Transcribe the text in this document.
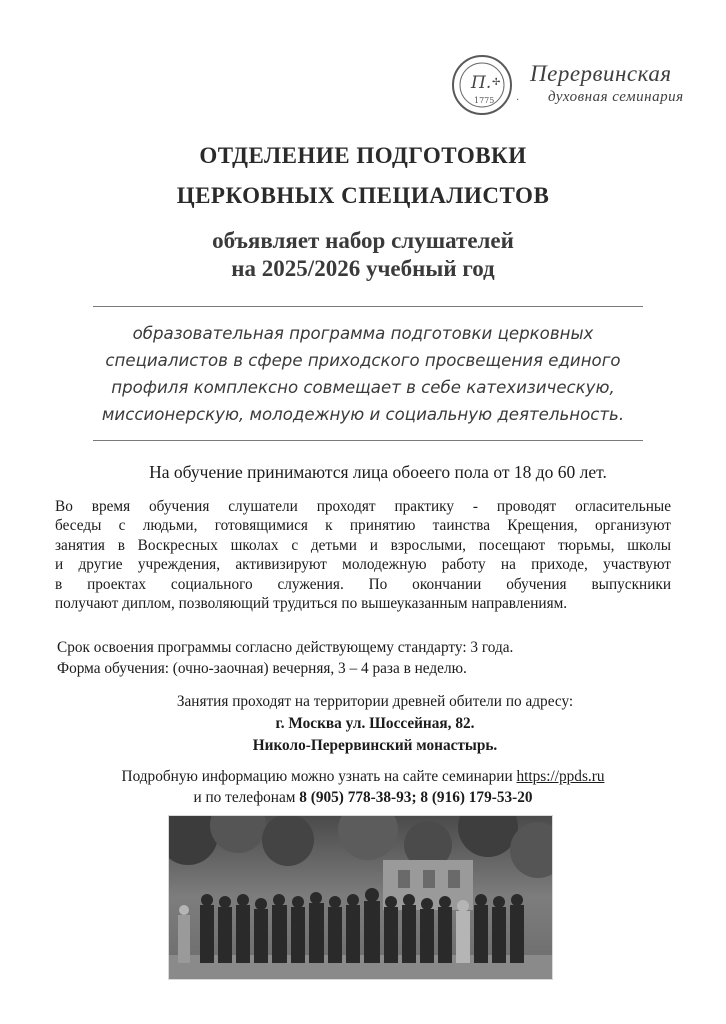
П. ✢
1775 ·
Перервинская
духовная семинария
ОТДЕЛЕНИЕ ПОДГОТОВКИ
ЦЕРКОВНЫХ СПЕЦИАЛИСТОВ
объявляет набор слушателей
на 2025/2026 учебный год
образовательная программа подготовки церковных
специалистов в сфере приходского просвещения единого
профиля комплексно совмещает в себе катехизическую,
миссионерскую, молодежную и социальную деятельность.
На обучение принимаются лица обоеего пола от 18 до 60 лет.
Во время обучения слушатели проходят практику - проводят огласительные
беседы с людьми, готовящимися к принятию таинства Крещения, организуют
занятия в Воскресных школах с детьми и взрослыми, посещают тюрьмы, школы
и другие учреждения, активизируют молодежную работу на приходе, участвуют
в проектах социального служения. По окончании обучения выпускники
получают диплом, позволяющий трудиться по вышеуказанным направлениям.
Срок освоения программы согласно действующему стандарту: 3 года.
Форма обучения: (очно-заочная) вечерняя, 3 – 4 раза в неделю.
Занятия проходят на территории древней обители по адресу:
г. Москва ул. Шоссейная, 82.
Николо-Перервинский монастырь.
Подробную информацию можно узнать на сайте семинарии https://ppds.ru
и по телефонам 8 (905) 778-38-93; 8 (916) 179-53-20
